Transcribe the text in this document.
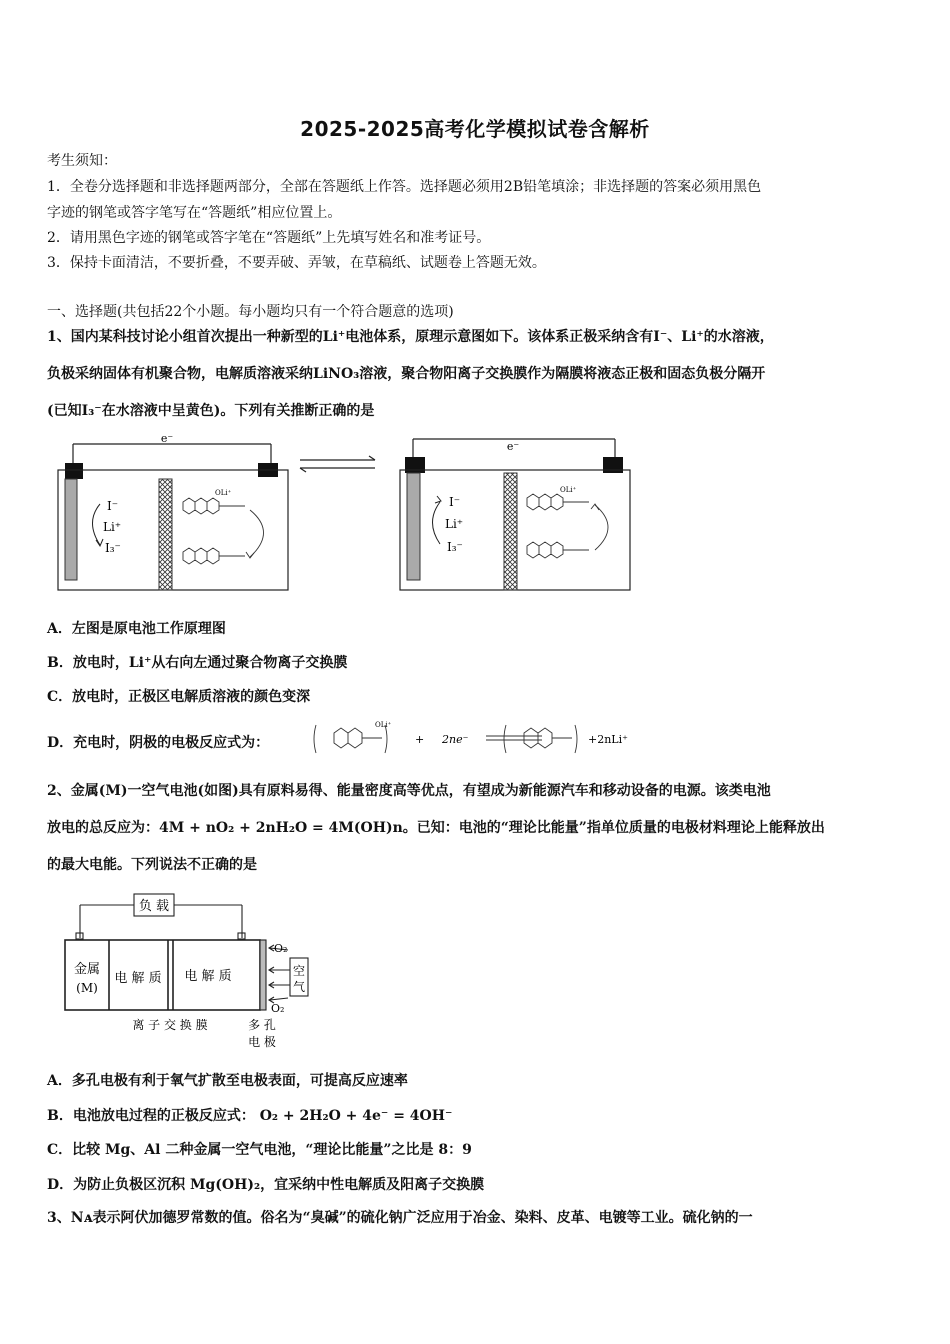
2025-2025高考化学模拟试卷含解析
考生须知：
1．全卷分选择题和非选择题两部分，全部在答题纸上作答。选择题必须用2B铅笔填涂；非选择题的答案必须用黑色
字迹的钢笔或答字笔写在“答题纸”相应位置上。
2．请用黑色字迹的钢笔或答字笔在“答题纸”上先填写姓名和准考证号。
3．保持卡面清洁，不要折叠，不要弄破、弄皱，在草稿纸、试题卷上答题无效。
一、选择题(共包括22个小题。每小题均只有一个符合题意的选项)
1、国内某科技讨论小组首次提出一种新型的Li⁺电池体系，原理示意图如下。该体系正极采纳含有I⁻、Li⁺的水溶液，
负极采纳固体有机聚合物，电解质溶液采纳LiNO₃溶液，聚合物阳离子交换膜作为隔膜将液态正极和固态负极分隔开
(已知I₃⁻在水溶液中呈黄色)。下列有关推断正确的是
e⁻
I⁻
Li⁺
I₃⁻
OLi⁺
e⁻
I⁻
Li⁺
I₃⁻
OLi⁺
A．左图是原电池工作原理图
B．放电时，Li⁺从右向左通过聚合物离子交换膜
C．放电时，正极区电解质溶液的颜色变深
D．充电时，阴极的电极反应式为：
OLi⁺
+ 2ne⁻	+2nLi⁺
2、金属(M)一空气电池(如图)具有原料易得、能量密度高等优点，有望成为新能源汽车和移动设备的电源。该类电池
放电的总反应为：4M + nO₂ + 2nH₂O = 4M(OH)n。已知：电池的“理论比能量”指单位质量的电极材料理论上能释放出
的最大电能。下列说法不正确的是
负 载
金属
(M)
电 解 质 电 解 质
O₂
O₂
空
气
离 子 交 换 膜	多 孔
电 极
A．多孔电极有利于氧气扩散至电极表面，可提高反应速率
B．电池放电过程的正极反应式： O₂ + 2H₂O + 4e⁻ = 4OH⁻
C．比较 Mg、Al 二种金属一空气电池，“理论比能量”之比是 8：9
D．为防止负极区沉积 Mg(OH)₂，宜采纳中性电解质及阳离子交换膜
3、Nᴀ表示阿伏加德罗常数的值。俗名为“臭碱”的硫化钠广泛应用于冶金、染料、皮革、电镀等工业。硫化钠的一
